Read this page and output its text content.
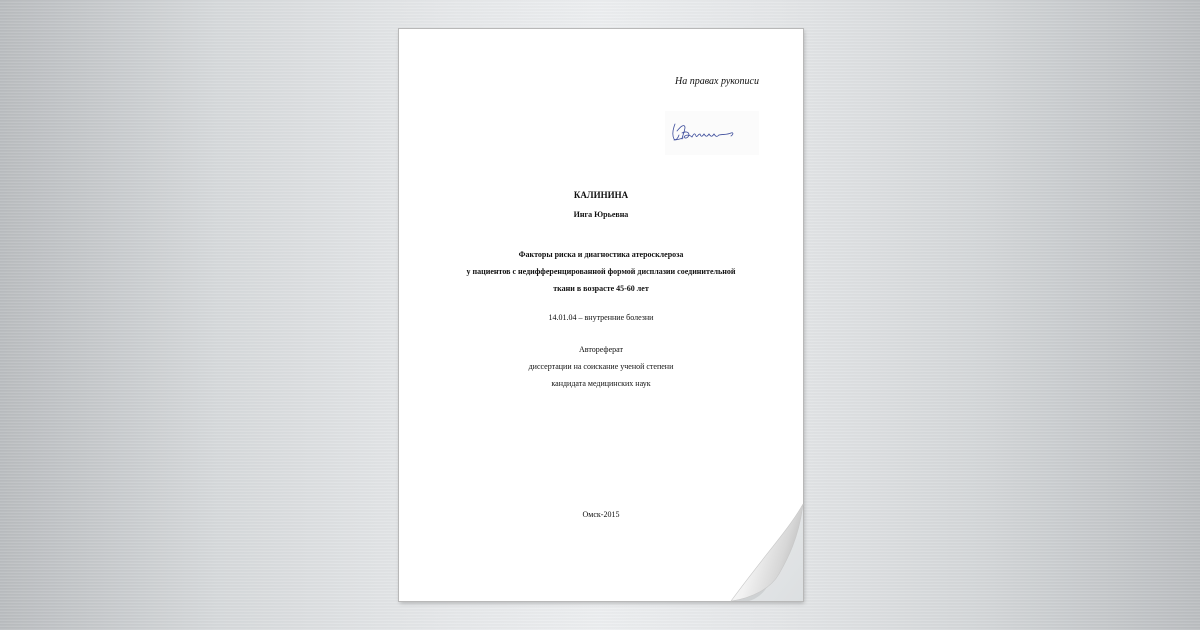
На правах рукописи
КАЛИНИНА
Инга Юрьевна
Факторы риска и диагностика атеросклероза
у пациентов с недифференцированной формой дисплазии соединительной
ткани в возрасте 45-60 лет
14.01.04 – внутренние болезни
Автореферат
диссертации на соискание ученой степени
кандидата медицинских наук
Омск-2015
